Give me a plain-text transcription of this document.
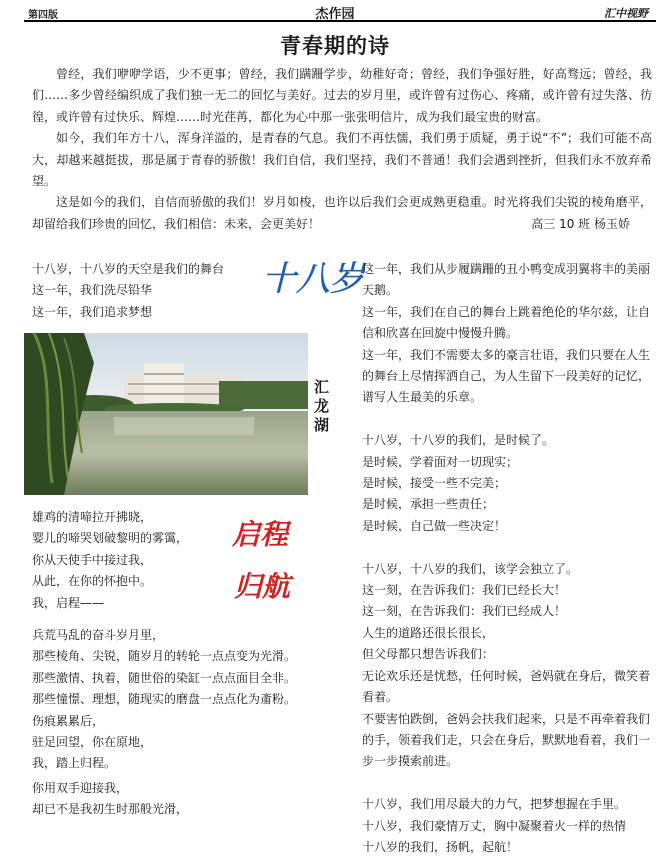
第四版	杰作园	汇中视野
青春期的诗

曾经，我们咿咿学语，少不更事；曾经，我们蹒跚学步，幼稚好奇；曾经，我们争强好胜，好高骛远；曾经，我们……多少曾经编织成了我们独一无二的回忆与美好。过去的岁月里，或许曾有过伤心、疼痛，或许曾有过失落、彷徨，或许曾有过快乐、辉煌……时光荏苒，都化为心中那一张张明信片，成为我们最宝贵的财富。

如今，我们年方十八，浑身洋溢的，是青春的气息。我们不再怯懦，我们勇于质疑，勇于说“不”；我们可能不高大，却越来越挺拔，那是属于青春的骄傲！我们自信，我们坚持，我们不普通！我们会遇到挫折，但我们永不放弃希望。

这是如今的我们，自信而骄傲的我们！岁月如梭，也许以后我们会更成熟更稳重。时光将我们尖锐的棱角磨平，却留给我们珍贵的回忆，我们相信：未来，会更美好！	高三 10 班 杨玉娇

十八岁，十八岁的天空是我们的舞台

这一年，我们洗尽铅华

这一年，我们追求梦想

十八岁
汇龙湖

雄鸡的清啼拉开拂晓，

婴儿的啼哭划破黎明的雾霭，

你从天使手中接过我，

从此，在你的怀抱中。

我，启程——

启程
归航

兵荒马乱的奋斗岁月里，

那些棱角、尖锐，随岁月的转轮一点点变为光滑。

那些激情、执着，随世俗的染缸一点点面目全非。

那些憧憬、理想，随现实的磨盘一点点化为齑粉。

伤痕累累后，

驻足回望，你在原地，

我，踏上归程。

你用双手迎接我，

却已不是我初生时那般光滑，

这一年，我们从步履蹒跚的丑小鸭变成羽翼将丰的美丽天鹅。

这一年，我们在自己的舞台上跳着绝伦的华尔兹，让自信和欣喜在回旋中慢慢升腾。

这一年，我们不需要太多的豪言壮语，我们只要在人生的舞台上尽情挥洒自己，为人生留下一段美好的记忆，谱写人生最美的乐章。

十八岁，十八岁的我们，是时候了。

是时候，学着面对一切现实；

是时候，接受一些不完美；

是时候，承担一些责任；

是时候，自己做一些决定！

十八岁，十八岁的我们，该学会独立了。

这一刻，在告诉我们：我们已经长大！

这一刻，在告诉我们：我们已经成人！

人生的道路还很长很长，

但父母都只想告诉我们：

无论欢乐还是忧愁，任何时候，爸妈就在身后，微笑着看着。

不要害怕跌倒，爸妈会扶我们起来，只是不再牵着我们的手，领着我们走，只会在身后，默默地看着，我们一步一步摸索前进。

十八岁，我们用尽最大的力气，把梦想握在手里。

十八岁，我们豪情万丈，胸中凝聚着火一样的热情

十八岁的我们，扬帆，起航！
